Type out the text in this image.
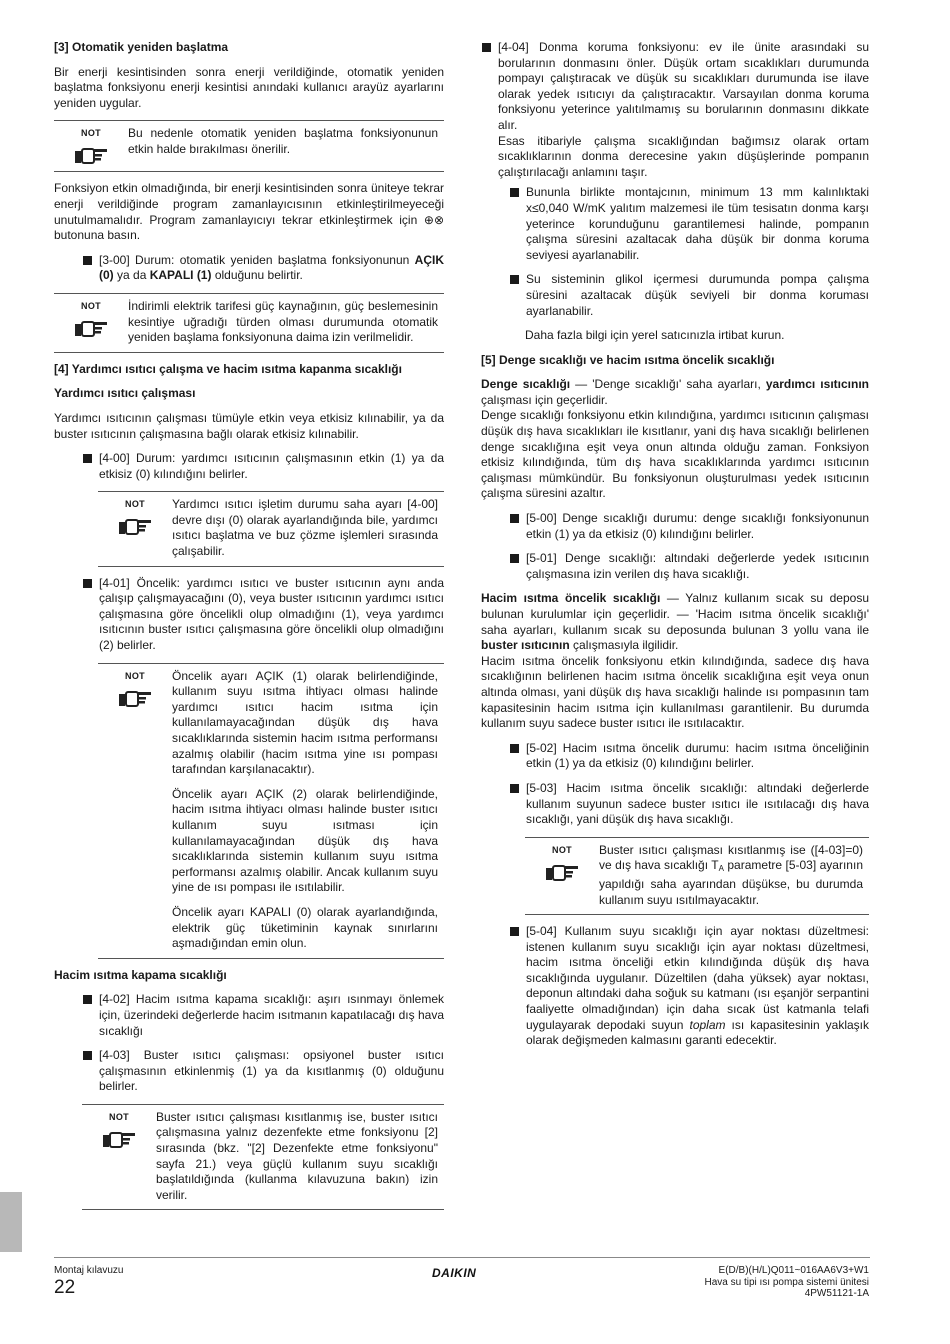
[3] Otomatik yeniden başlatma

Bir enerji kesintisinden sonra enerji verildiğinde, otomatik yeniden başlatma fonksiyonu enerji kesintisi anındaki kullanıcı arayüz ayarlarını yeniden uygular.

NOT Bu nedenle otomatik yeniden başlatma fonksiyonunun etkin halde bırakılması önerilir.

Fonksiyon etkin olmadığında, bir enerji kesintisinden sonra üniteye tekrar enerji verildiğinde program zamanlayıcısının etkinleştirilmeyeceği unutulmamalıdır. Program zamanlayıcıyı tekrar etkinleştirmek için ⊕⊗ butonuna basın.

[3-00] Durum: otomatik yeniden başlatma fonksiyonunun AÇIK (0) ya da KAPALI (1) olduğunu belirtir.
NOT İndirimli elektrik tarifesi güç kaynağının, güç beslemesinin kesintiye uğradığı türden olması durumunda otomatik yeniden başlama fonksiyonuna daima izin verilmelidir.

[4] Yardımcı ısıtıcı çalışma ve hacim ısıtma kapanma sıcaklığı

Yardımcı ısıtıcı çalışması

Yardımcı ısıtıcının çalışması tümüyle etkin veya etkisiz kılınabilir, ya da buster ısıtıcının çalışmasına bağlı olarak etkisiz kılınabilir.

[4-00] Durum: yardımcı ısıtıcının çalışmasının etkin (1) ya da etkisiz (0) kılındığını belirler.
NOT Yardımcı ısıtıcı işletim durumu saha ayarı [4-00] devre dışı (0) olarak ayarlandığında bile, yardımcı ısıtıcı başlatma ve buz çözme işlemleri sırasında çalışabilir.

[4-01] Öncelik: yardımcı ısıtıcı ve buster ısıtıcının aynı anda çalışıp çalışmayacağını (0), veya buster ısıtıcının yardımcı ısıtıcı çalışmasına göre öncelikli olup olmadığını (1), veya yardımcı ısıtıcının buster ısıtıcı çalışmasına göre öncelikli olup olmadığını (2) belirler.
NOT Öncelik ayarı AÇIK (1) olarak belirlendiğinde, kullanım suyu ısıtma ihtiyacı olması halinde yardımcı ısıtıcı hacim ısıtma için kullanılamayacağından düşük dış hava sıcaklıklarında sistemin hacim ısıtma performansı azalmış olabilir (hacim ısıtma yine ısı pompası tarafından karşılanacaktır).

Öncelik ayarı AÇIK (2) olarak belirlendiğinde, hacim ısıtma ihtiyacı olması halinde buster ısıtıcı kullanım suyu ısıtması için kullanılamayacağından düşük dış hava sıcaklıklarında sistemin kullanım suyu ısıtma performansı azalmış olabilir. Ancak kullanım suyu yine de ısı pompası ile ısıtılabilir.

Öncelik ayarı KAPALI (0) olarak ayarlandığında, elektrik güç tüketiminin kaynak sınırlarını aşmadığından emin olun.

Hacim ısıtma kapama sıcaklığı

[4-02] Hacim ısıtma kapama sıcaklığı: aşırı ısınmayı önlemek için, üzerindeki değerlerde hacim ısıtmanın kapatılacağı dış hava sıcaklığı
[4-03] Buster ısıtıcı çalışması: opsiyonel buster ısıtıcı çalışmasının etkinlenmiş (1) ya da kısıtlanmış (0) olduğunu belirler.
NOT Buster ısıtıcı çalışması kısıtlanmış ise, buster ısıtıcı çalışmasına yalnız dezenfekte etme fonksiyonu [2] sırasında (bkz. "[2] Dezenfekte etme fonksiyonu" sayfa 21.) veya güçlü kullanım suyu sıcaklığı başlatıldığında (kullanma kılavuzuna bakın) izin verilir.

[4-04] Donma koruma fonksiyonu: ev ile ünite arasındaki su borularının donmasını önler. Düşük ortam sıcaklıkları durumunda pompayı çalıştıracak ve düşük su sıcaklıkları durumunda ise ilave olarak yedek ısıtıcıyı da çalıştıracaktır. Varsayılan donma koruma fonksiyonu yeterince yalıtılmamış su borularının donmasını dikkate alır.

Esas itibariyle çalışma sıcaklığından bağımsız olarak ortam sıcaklıklarının donma derecesine yakın düşüşlerinde pompanın çalıştırılacağı anlamını taşır.

Bununla birlikte montajcının, minimum 13 mm kalınlıktaki x≤0,040 W/mK yalıtım malzemesi ile tüm tesisatın donma karşı yeterince korunduğunu garantilemesi halinde, pompanın çalışma süresini azaltacak daha düşük bir donma koruma seviyesi ayarlanabilir.
Su sisteminin glikol içermesi durumunda pompa çalışma süresini azaltacak düşük seviyeli bir donma koruması ayarlanabilir.

Daha fazla bilgi için yerel satıcınızla irtibat kurun.

[5] Denge sıcaklığı ve hacim ısıtma öncelik sıcaklığı

Denge sıcaklığı — 'Denge sıcaklığı' saha ayarları, yardımcı ısıtıcının çalışması için geçerlidir.

Denge sıcaklığı fonksiyonu etkin kılındığına, yardımcı ısıtıcının çalışması düşük dış hava sıcaklıkları ile kısıtlanır, yani dış hava sıcaklığı belirlenen denge sıcaklığına eşit veya onun altında olduğu zaman. Fonksiyon etkisiz kılındığında, tüm dış hava sıcaklıklarında yardımcı ısıtıcının çalışması mümkündür. Bu fonksiyonun oluşturulması yedek ısıtıcının çalışma süresini azaltır.

[5-00] Denge sıcaklığı durumu: denge sıcaklığı fonksiyonunun etkin (1) ya da etkisiz (0) kılındığını belirler.
[5-01] Denge sıcaklığı: altındaki değerlerde yedek ısıtıcının çalışmasına izin verilen dış hava sıcaklığı.

Hacim ısıtma öncelik sıcaklığı — Yalnız kullanım sıcak su deposu bulunan kurulumlar için geçerlidir. — 'Hacim ısıtma öncelik sıcaklığı' saha ayarları, kullanım sıcak su deposunda bulunan 3 yollu vana ile buster ısıtıcının çalışmasıyla ilgilidir.

Hacim ısıtma öncelik fonksiyonu etkin kılındığında, sadece dış hava sıcaklığının belirlenen hacim ısıtma öncelik sıcaklığına eşit veya onun altında olması, yani düşük dış hava sıcaklığı halinde ısı pompasının tam kapasitesinin hacim ısıtma için kullanılması garantilenir. Bu durumda kullanım suyu sadece buster ısıtıcı ile ısıtılacaktır.

[5-02] Hacim ısıtma öncelik durumu: hacim ısıtma önceliğinin etkin (1) ya da etkisiz (0) kılındığını belirler.
[5-03] Hacim ısıtma öncelik sıcaklığı: altındaki değerlerde kullanım suyunun sadece buster ısıtıcı ile ısıtılacağı dış hava sıcaklığı, yani düşük dış hava sıcaklığı.
NOT Buster ısıtıcı çalışması kısıtlanmış ise ([4-03]=0) ve dış hava sıcaklığı $T_A$ parametre [5-03] ayarının yapıldığı saha ayarından düşükse, bu durumda kullanım suyu ısıtılmayacaktır.

[5-04] Kullanım suyu sıcaklığı için ayar noktası düzeltmesi: istenen kullanım suyu sıcaklığı için ayar noktası düzeltmesi, hacim ısıtma önceliği etkin kılındığında düşük dış hava sıcaklığında uygulanır. Düzeltilen (daha yüksek) ayar noktası, deponun altındaki daha soğuk su katmanı (ısı eşanjör serpantini faaliyette olmadığından) için daha sıcak üst katmanla telafi uygulayarak depodaki suyun toplam ısı kapasitesinin yaklaşık olarak değişmeden kalmasını garanti edecektir.
Montaj kılavuzu
22
DAIKIN	E(D/B)(H/L)Q011~016AA6V3+W1
Hava su tipi ısı pompa sistemi ünitesi
4PW51121-1A
